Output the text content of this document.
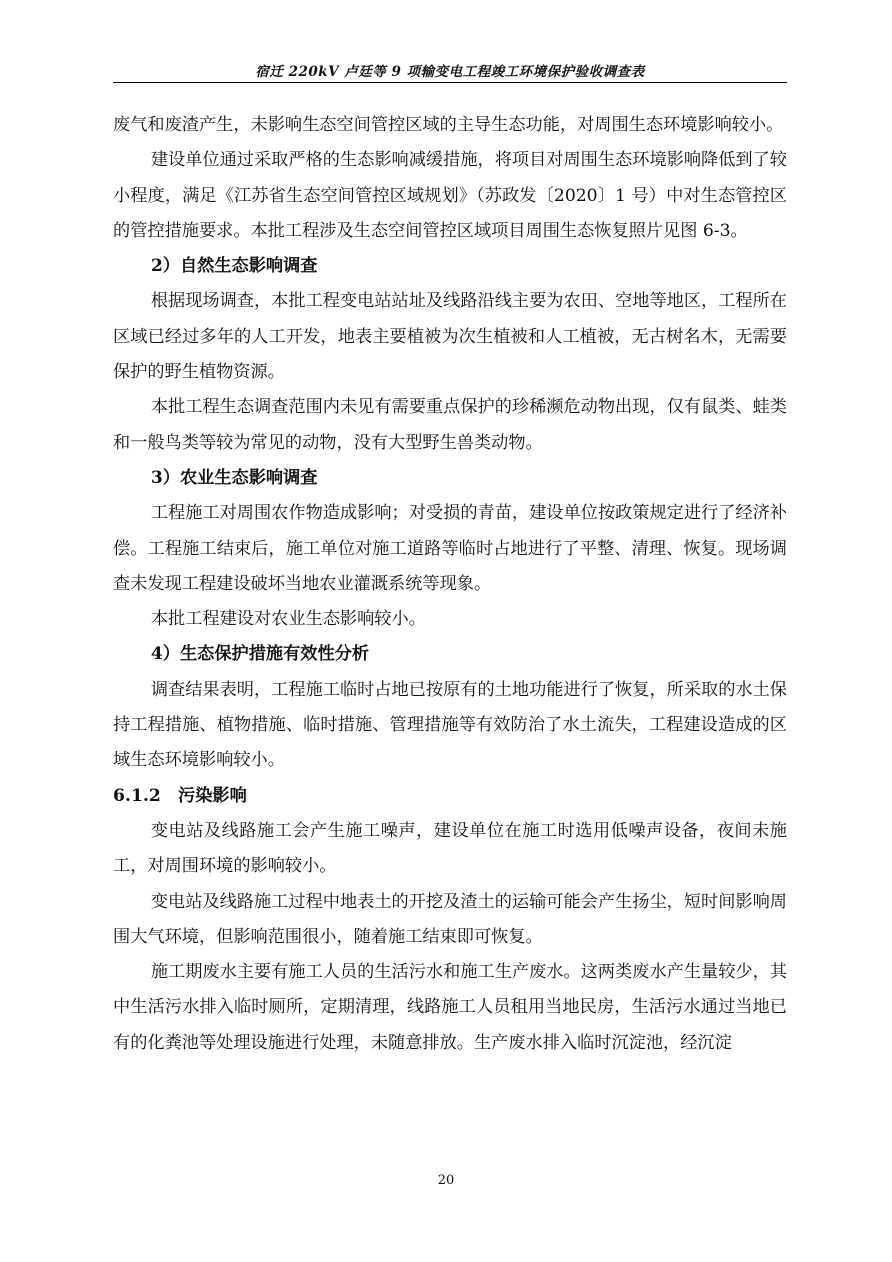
宿迁 220kV 卢廷等 9 项输变电工程竣工环境保护验收调查表

废气和废渣产生，未影响生态空间管控区域的主导生态功能，对周围生态环境影响较小。

建设单位通过采取严格的生态影响减缓措施，将项目对周围生态环境影响降低到了较小程度，满足《江苏省生态空间管控区域规划》（苏政发〔2020〕1 号）中对生态管控区的管控措施要求。本批工程涉及生态空间管控区域项目周围生态恢复照片见图 6-3。

2）自然生态影响调查

根据现场调查，本批工程变电站站址及线路沿线主要为农田、空地等地区，工程所在区域已经过多年的人工开发，地表主要植被为次生植被和人工植被，无古树名木，无需要保护的野生植物资源。

本批工程生态调查范围内未见有需要重点保护的珍稀濒危动物出现，仅有鼠类、蛙类和一般鸟类等较为常见的动物，没有大型野生兽类动物。

3）农业生态影响调查

工程施工对周围农作物造成影响；对受损的青苗，建设单位按政策规定进行了经济补偿。工程施工结束后，施工单位对施工道路等临时占地进行了平整、清理、恢复。现场调查未发现工程建设破坏当地农业灌溉系统等现象。

本批工程建设对农业生态影响较小。

4）生态保护措施有效性分析

调查结果表明，工程施工临时占地已按原有的土地功能进行了恢复，所采取的水土保持工程措施、植物措施、临时措施、管理措施等有效防治了水土流失，工程建设造成的区域生态环境影响较小。

6.1.2　污染影响

变电站及线路施工会产生施工噪声，建设单位在施工时选用低噪声设备，夜间未施工，对周围环境的影响较小。

变电站及线路施工过程中地表土的开挖及渣土的运输可能会产生扬尘，短时间影响周围大气环境，但影响范围很小，随着施工结束即可恢复。

施工期废水主要有施工人员的生活污水和施工生产废水。这两类废水产生量较少，其中生活污水排入临时厕所，定期清理，线路施工人员租用当地民房，生活污水通过当地已有的化粪池等处理设施进行处理，未随意排放。生产废水排入临时沉淀池，经沉淀

20
